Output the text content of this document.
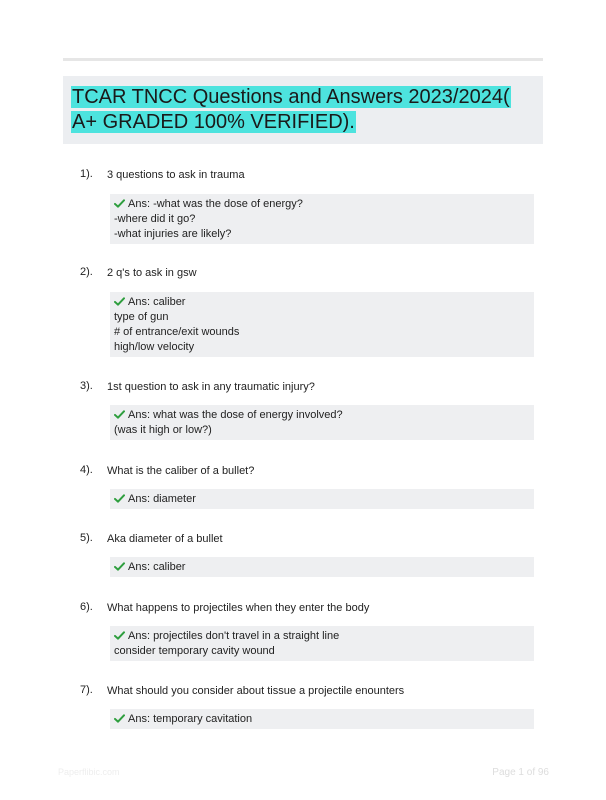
TCAR TNCC Questions and Answers 2023/2024( A+ GRADED 100% VERIFIED).
1). 3 questions to ask in trauma
Ans: -what was the dose of energy?
-where did it go?
-what injuries are likely?
2). 2 q's to ask in gsw
Ans: caliber
type of gun
# of entrance/exit wounds
high/low velocity
3). 1st question to ask in any traumatic injury?
Ans: what was the dose of energy involved?
(was it high or low?)
4). What is the caliber of a bullet?
Ans: diameter
5). Aka diameter of a bullet
Ans: caliber
6). What happens to projectiles when they enter the body
Ans: projectiles don't travel in a straight line
consider temporary cavity wound
7). What should you consider about tissue a projectile enounters
Ans: temporary cavitation
Paperflibic.com	Page 1 of 96
